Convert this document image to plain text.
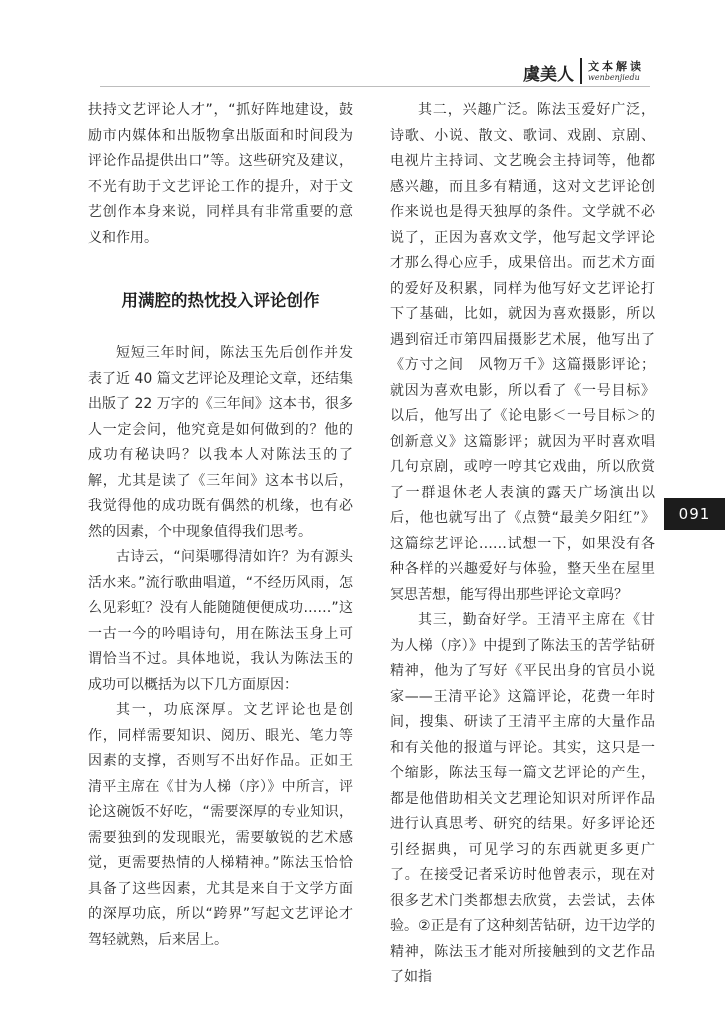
虞美人 文本解读
wenbenjiedu
091

扶持文艺评论人才”，“抓好阵地建设，鼓励市内媒体和出版物拿出版面和时间段为评论作品提供出口”等。这些研究及建议，不光有助于文艺评论工作的提升，对于文艺创作本身来说，同样具有非常重要的意义和作用。

用满腔的热忱投入评论创作

短短三年时间，陈法玉先后创作并发表了近 40 篇文艺评论及理论文章，还结集出版了 22 万字的《三年间》这本书，很多人一定会问，他究竟是如何做到的？他的成功有秘诀吗？以我本人对陈法玉的了解，尤其是读了《三年间》这本书以后，我觉得他的成功既有偶然的机缘，也有必然的因素，个中现象值得我们思考。

古诗云，“问渠哪得清如许？为有源头活水来。”流行歌曲唱道，“不经历风雨，怎么见彩虹？没有人能随随便便成功……”这一古一今的吟唱诗句，用在陈法玉身上可谓恰当不过。具体地说，我认为陈法玉的成功可以概括为以下几方面原因：

其一，功底深厚。文艺评论也是创作，同样需要知识、阅历、眼光、笔力等因素的支撑，否则写不出好作品。正如王清平主席在《甘为人梯（序）》中所言，评论这碗饭不好吃，“需要深厚的专业知识，需要独到的发现眼光，需要敏锐的艺术感觉，更需要热情的人梯精神。”陈法玉恰恰具备了这些因素，尤其是来自于文学方面的深厚功底，所以“跨界”写起文艺评论才驾轻就熟，后来居上。

其二，兴趣广泛。陈法玉爱好广泛，诗歌、小说、散文、歌词、戏剧、京剧、电视片主持词、文艺晚会主持词等，他都感兴趣，而且多有精通，这对文艺评论创作来说也是得天独厚的条件。文学就不必说了，正因为喜欢文学，他写起文学评论才那么得心应手，成果倍出。而艺术方面的爱好及积累，同样为他写好文艺评论打下了基础，比如，就因为喜欢摄影，所以遇到宿迁市第四届摄影艺术展，他写出了《方寸之间　风物万千》这篇摄影评论；就因为喜欢电影，所以看了《一号目标》以后，他写出了《论电影＜一号目标＞的创新意义》这篇影评；就因为平时喜欢唱几句京剧，或哼一哼其它戏曲，所以欣赏了一群退休老人表演的露天广场演出以后，他也就写出了《点赞“最美夕阳红”》这篇综艺评论……试想一下，如果没有各种各样的兴趣爱好与体验，整天坐在屋里冥思苦想，能写得出那些评论文章吗？

其三，勤奋好学。王清平主席在《甘为人梯（序）》中提到了陈法玉的苦学钻研精神，他为了写好《平民出身的官员小说家——王清平论》这篇评论，花费一年时间，搜集、研读了王清平主席的大量作品和有关他的报道与评论。其实，这只是一个缩影，陈法玉每一篇文艺评论的产生，都是他借助相关文艺理论知识对所评作品进行认真思考、研究的结果。好多评论还引经据典，可见学习的东西就更多更广了。在接受记者采访时他曾表示，现在对很多艺术门类都想去欣赏，去尝试，去体验。②正是有了这种刻苦钻研，边干边学的精神，陈法玉才能对所接触到的文艺作品了如指
